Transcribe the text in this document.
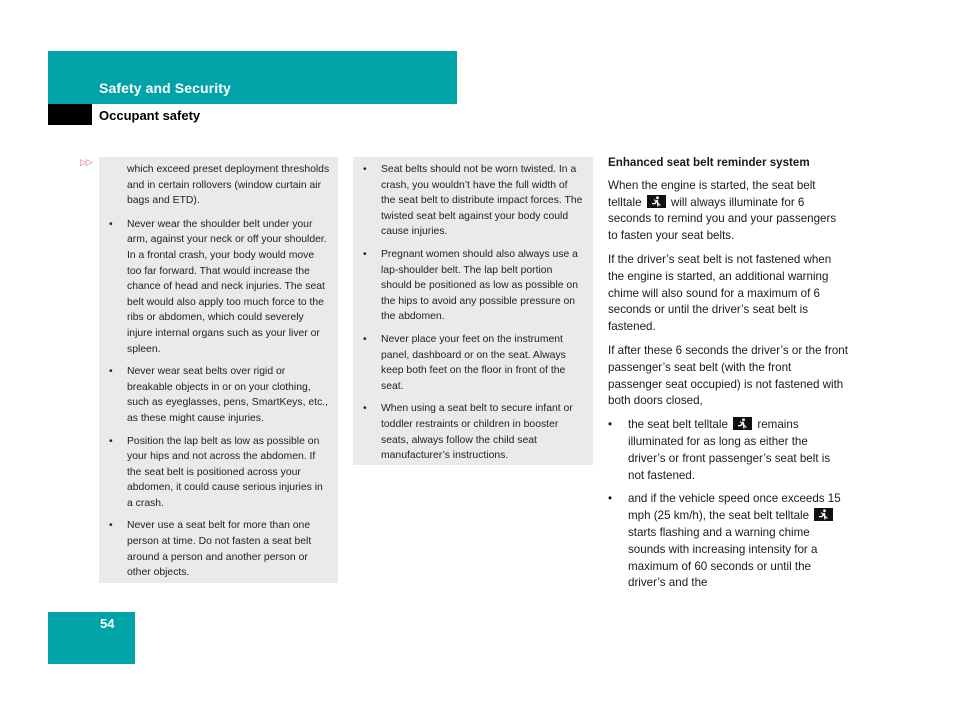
Safety and Security
Occupant safety
▷▷

which exceed preset deployment thresholds and in certain rollovers (window curtain air bags and ETD).

•	Never wear the shoulder belt under your arm, against your neck or off your shoulder. In a frontal crash, your body would move too far forward. That would increase the chance of head and neck injuries. The seat belt would also apply too much force to the ribs or abdomen, which could severely injure internal organs such as your liver or spleen.
•	Never wear seat belts over rigid or breakable objects in or on your clothing, such as eyeglasses, pens, SmartKeys, etc., as these might cause injuries.
•	Position the lap belt as low as possible on your hips and not across the abdomen. If the seat belt is positioned across your abdomen, it could cause serious injuries in a crash.
•	Never use a seat belt for more than one person at time. Do not fasten a seat belt around a person and another person or other objects.
•	Seat belts should not be worn twisted. In a crash, you wouldn’t have the full width of the seat belt to distribute impact forces. The twisted seat belt against your body could cause injuries.
•	Pregnant women should also always use a lap-shoulder belt. The lap belt portion should be positioned as low as possible on the hips to avoid any possible pressure on the abdomen.
•	Never place your feet on the instrument panel, dashboard or on the seat. Always keep both feet on the floor in front of the seat.
•	When using a seat belt to secure infant or toddler restraints or children in booster seats, always follow the child seat manufacturer’s instructions.
Enhanced seat belt reminder system

When the engine is started, the seat belt telltale	will always illuminate for 6 seconds to remind you and your passengers to fasten your seat belts.

If the driver’s seat belt is not fastened when the engine is started, an additional warning chime will also sound for a maximum of 6 seconds or until the driver’s seat belt is fastened.

If after these 6 seconds the driver’s or the front passenger’s seat belt (with the front passenger seat occupied) is not fastened with both doors closed,

•	the seat belt telltale	remains illuminated for as long as either the driver’s or front passenger’s seat belt is not fastened.
•	and if the vehicle speed once exceeds 15 mph (25 km/h), the seat belt telltale
starts flashing and a warning chime sounds with increasing intensity for a maximum of 60 seconds or until the driver’s and the
54
